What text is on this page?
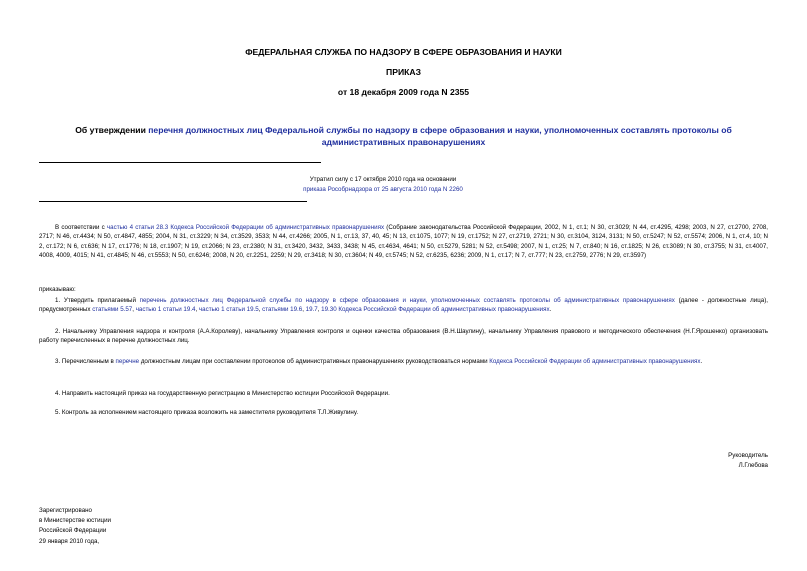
ФЕДЕРАЛЬНАЯ СЛУЖБА ПО НАДЗОРУ В СФЕРЕ ОБРАЗОВАНИЯ И НАУКИ
ПРИКАЗ
от 18 декабря 2009 года N 2355
Об утверждении перечня должностных лиц Федеральной службы по надзору в сфере образования и науки, уполномоченных составлять протоколы об административных правонарушениях
Утратил силу с 17 октября 2010 года на основании
приказа Рособрнадзора от 25 августа 2010 года N 2260

В соответствии с частью 4 статьи 28.3 Кодекса Российской Федерации об административных правонарушениях (Собрание законодательства Российской Федерации, 2002, N 1, ст.1; N 30, ст.3029; N 44, ст.4295, 4298; 2003, N 27, ст.2700, 2708, 2717; N 46, ст.4434; N 50, ст.4847, 4855; 2004, N 31, ст.3229; N 34, ст.3529, 3533; N 44, ст.4266; 2005, N 1, ст.13, 37, 40, 45; N 13, ст.1075, 1077; N 19, ст.1752; N 27, ст.2719, 2721; N 30, ст.3104, 3124, 3131; N 50, ст.5247; N 52, ст.5574; 2006, N 1, ст.4, 10; N 2, ст.172; N 6, ст.636; N 17, ст.1776; N 18, ст.1907; N 19, ст.2066; N 23, ст.2380; N 31, ст.3420, 3432, 3433, 3438; N 45, ст.4634, 4641; N 50, ст.5279, 5281; N 52, ст.5498; 2007, N 1, ст.25; N 7, ст.840; N 16, ст.1825; N 26, ст.3089; N 30, ст.3755; N 31, ст.4007, 4008, 4009, 4015; N 41, ст.4845; N 46, ст.5553; N 50, ст.6246; 2008, N 20, ст.2251, 2259; N 29, ст.3418; N 30, ст.3604; N 49, ст.5745; N 52, ст.6235, 6236; 2009, N 1, ст.17; N 7, ст.777; N 23, ст.2759, 2776; N 29, ст.3597)

приказываю:

1. Утвердить прилагаемый перечень должностных лиц Федеральной службы по надзору в сфере образования и науки, уполномоченных составлять протоколы об административных правонарушениях (далее - должностные лица), предусмотренных статьями 5.57, частью 1 статьи 19.4, частью 1 статьи 19.5, статьями 19.6, 19.7, 19.30 Кодекса Российской Федерации об административных правонарушениях.

2. Начальнику Управления надзора и контроля (А.А.Королеву), начальнику Управления контроля и оценки качества образования (В.Н.Шаулину), начальнику Управления правового и методического обеспечения (Н.Г.Ярошенко) организовать работу перечисленных в перечне должностных лиц.

3. Перечисленным в перечне должностным лицам при составлении протоколов об административных правонарушениях руководствоваться нормами Кодекса Российской Федерации об административных правонарушениях.

4. Направить настоящий приказ на государственную регистрацию в Министерство юстиции Российской Федерации.

5. Контроль за исполнением настоящего приказа возложить на заместителя руководителя Т.Л.Живулину.

Руководитель
Л.Глебова
Зарегистрировано
в Министерстве юстиции
Российской Федерации
29 января 2010 года,
